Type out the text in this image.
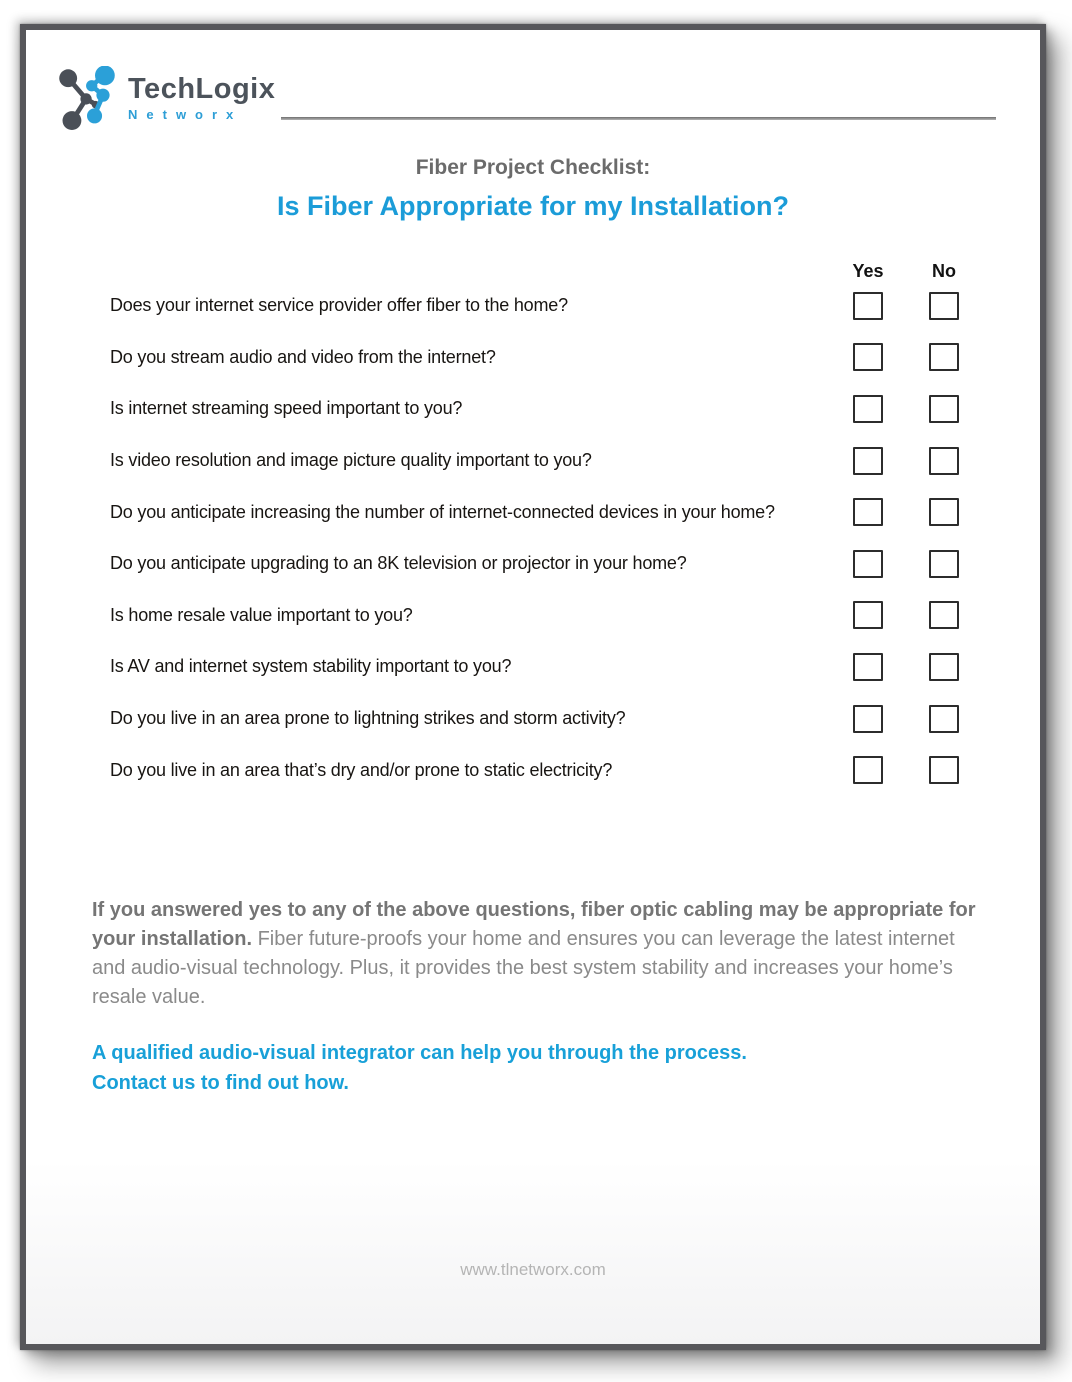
TechLogix
Networx
Fiber Project Checklist:
Is Fiber Appropriate for my Installation?
Yes	No
Does your internet service provider offer fiber to the home?
Do you stream audio and video from the internet?
Is internet streaming speed important to you?
Is video resolution and image picture quality important to you?
Do you anticipate increasing the number of internet-connected devices in your home?
Do you anticipate upgrading to an 8K television or projector in your home?
Is home resale value important to you?
Is AV and internet system stability important to you?
Do you live in an area prone to lightning strikes and storm activity?
Do you live in an area that’s dry and/or prone to static electricity?
If you answered yes to any of the above questions, fiber optic cabling may be appropriate for your installation. Fiber future-proofs your home and ensures you can leverage the latest internet and audio-visual technology. Plus, it provides the best system stability and increases your home’s resale value.
A qualified audio-visual integrator can help you through the process.
Contact us to find out how.
www.tlnetworx.com
